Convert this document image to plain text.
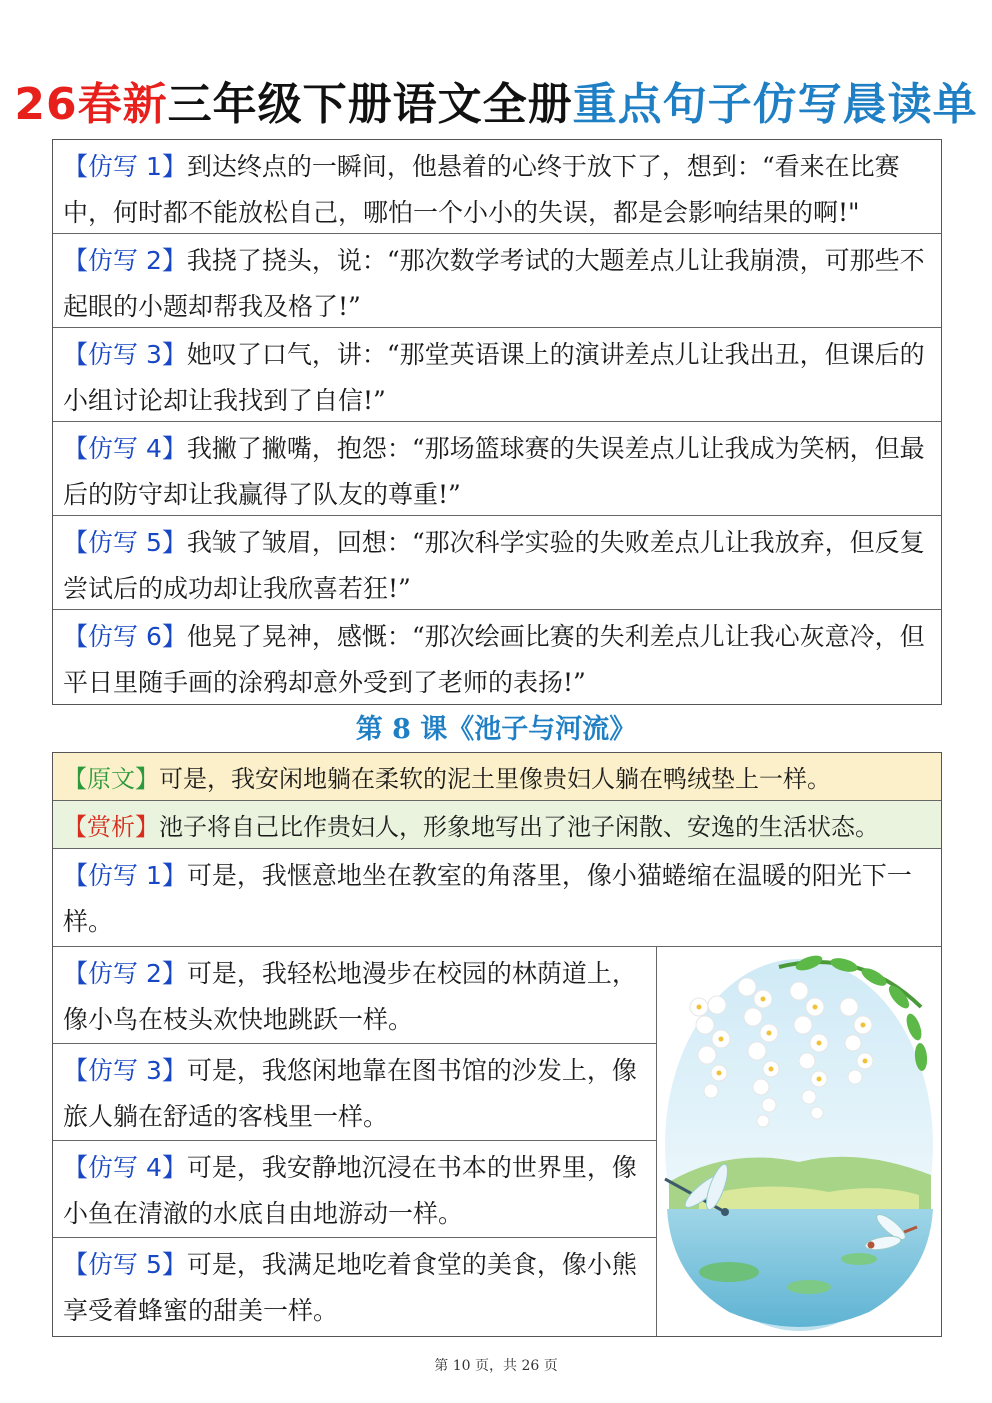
26春新三年级下册语文全册重点句子仿写晨读单
【仿写 1】到达终点的一瞬间，他悬着的心终于放下了，想到：“看来在比赛中，何时都不能放松自己，哪怕一个小小的失误，都是会影响结果的啊!"
【仿写 2】我挠了挠头，说：“那次数学考试的大题差点儿让我崩溃，可那些不起眼的小题却帮我及格了!”
【仿写 3】她叹了口气，讲：“那堂英语课上的演讲差点儿让我出丑，但课后的小组讨论却让我找到了自信!”
【仿写 4】我撇了撇嘴，抱怨：“那场篮球赛的失误差点儿让我成为笑柄，但最后的防守却让我赢得了队友的尊重!”
【仿写 5】我皱了皱眉，回想：“那次科学实验的失败差点儿让我放弃，但反复尝试后的成功却让我欣喜若狂!”
【仿写 6】他晃了晃神，感慨：“那次绘画比赛的失利差点儿让我心灰意冷，但平日里随手画的涂鸦却意外受到了老师的表扬!”
第 8 课《池子与河流》
【原文】可是，我安闲地躺在柔软的泥土里像贵妇人躺在鸭绒垫上一样。
【赏析】池子将自己比作贵妇人，形象地写出了池子闲散、安逸的生活状态。
【仿写 1】可是，我惬意地坐在教室的角落里，像小猫蜷缩在温暖的阳光下一样。
【仿写 2】可是，我轻松地漫步在校园的林荫道上，像小鸟在枝头欢快地跳跃一样。
【仿写 3】可是，我悠闲地靠在图书馆的沙发上，像旅人躺在舒适的客栈里一样。
【仿写 4】可是，我安静地沉浸在书本的世界里，像小鱼在清澈的水底自由地游动一样。
【仿写 5】可是，我满足地吃着食堂的美食，像小熊享受着蜂蜜的甜美一样。
第 10 页，共 26 页
